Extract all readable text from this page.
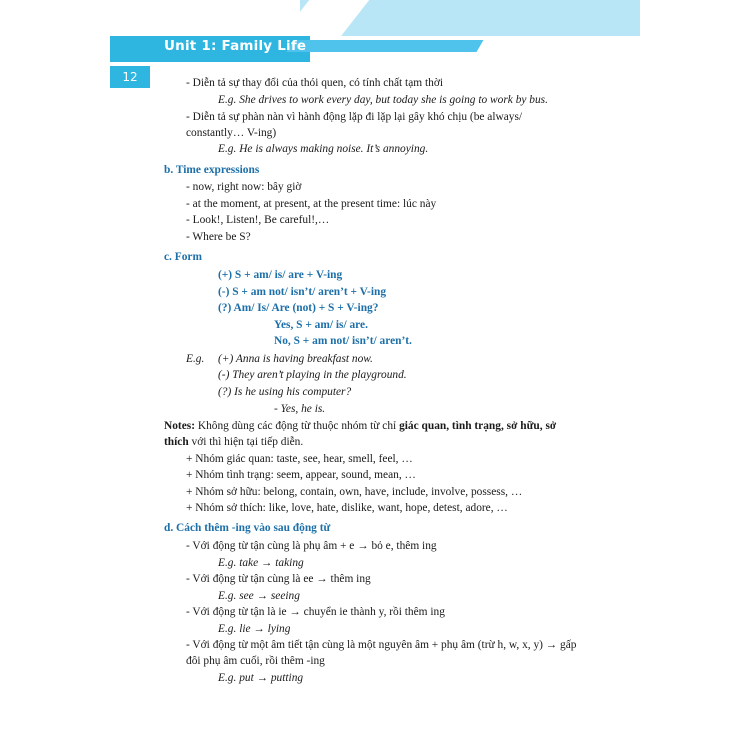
Unit 1: Family Life
12	- Diễn tả sự thay đổi của thói quen, có tính chất tạm thời
E.g. She drives to work every day, but today she is going to work by bus.
- Diễn tả sự phàn nàn vì hành động lặp đi lặp lại gây khó chịu (be always/
constantly… V-ing)
E.g. He is always making noise. It’s annoying.
b. Time expressions
- now, right now: bây giờ
- at the moment, at present, at the present time: lúc này
- Look!, Listen!, Be careful!,…
- Where be S?
c. Form
(+) S + am/ is/ are + V-ing
(-) S + am not/ isn’t/ aren’t + V-ing
(?) Am/ Is/ Are (not) + S + V-ing?
Yes, S + am/ is/ are.
No, S + am not/ isn’t/ aren’t.
E.g. (+) Anna is having breakfast now.
(-) They aren’t playing in the playground.
(?) Is he using his computer?
- Yes, he is.
Notes: Không dùng các động từ thuộc nhóm từ chỉ giác quan, tình trạng, sở hữu, sở
thích với thì hiện tại tiếp diễn.
+ Nhóm giác quan: taste, see, hear, smell, feel, …
+ Nhóm tình trạng: seem, appear, sound, mean, …
+ Nhóm sở hữu: belong, contain, own, have, include, involve, possess, …
+ Nhóm sở thích: like, love, hate, dislike, want, hope, detest, adore, …
d. Cách thêm -ing vào sau động từ
- Với động từ tận cùng là phụ âm + e → bỏ e, thêm ing
E.g. take → taking
- Với động từ tận cùng là ee → thêm ing
E.g. see → seeing
- Với động từ tận là ie → chuyển ie thành y, rồi thêm ing
E.g. lie → lying
- Với động từ một âm tiết tận cùng là một nguyên âm + phụ âm (trừ h, w, x, y) → gấp
đôi phụ âm cuối, rồi thêm -ing
E.g. put → putting
